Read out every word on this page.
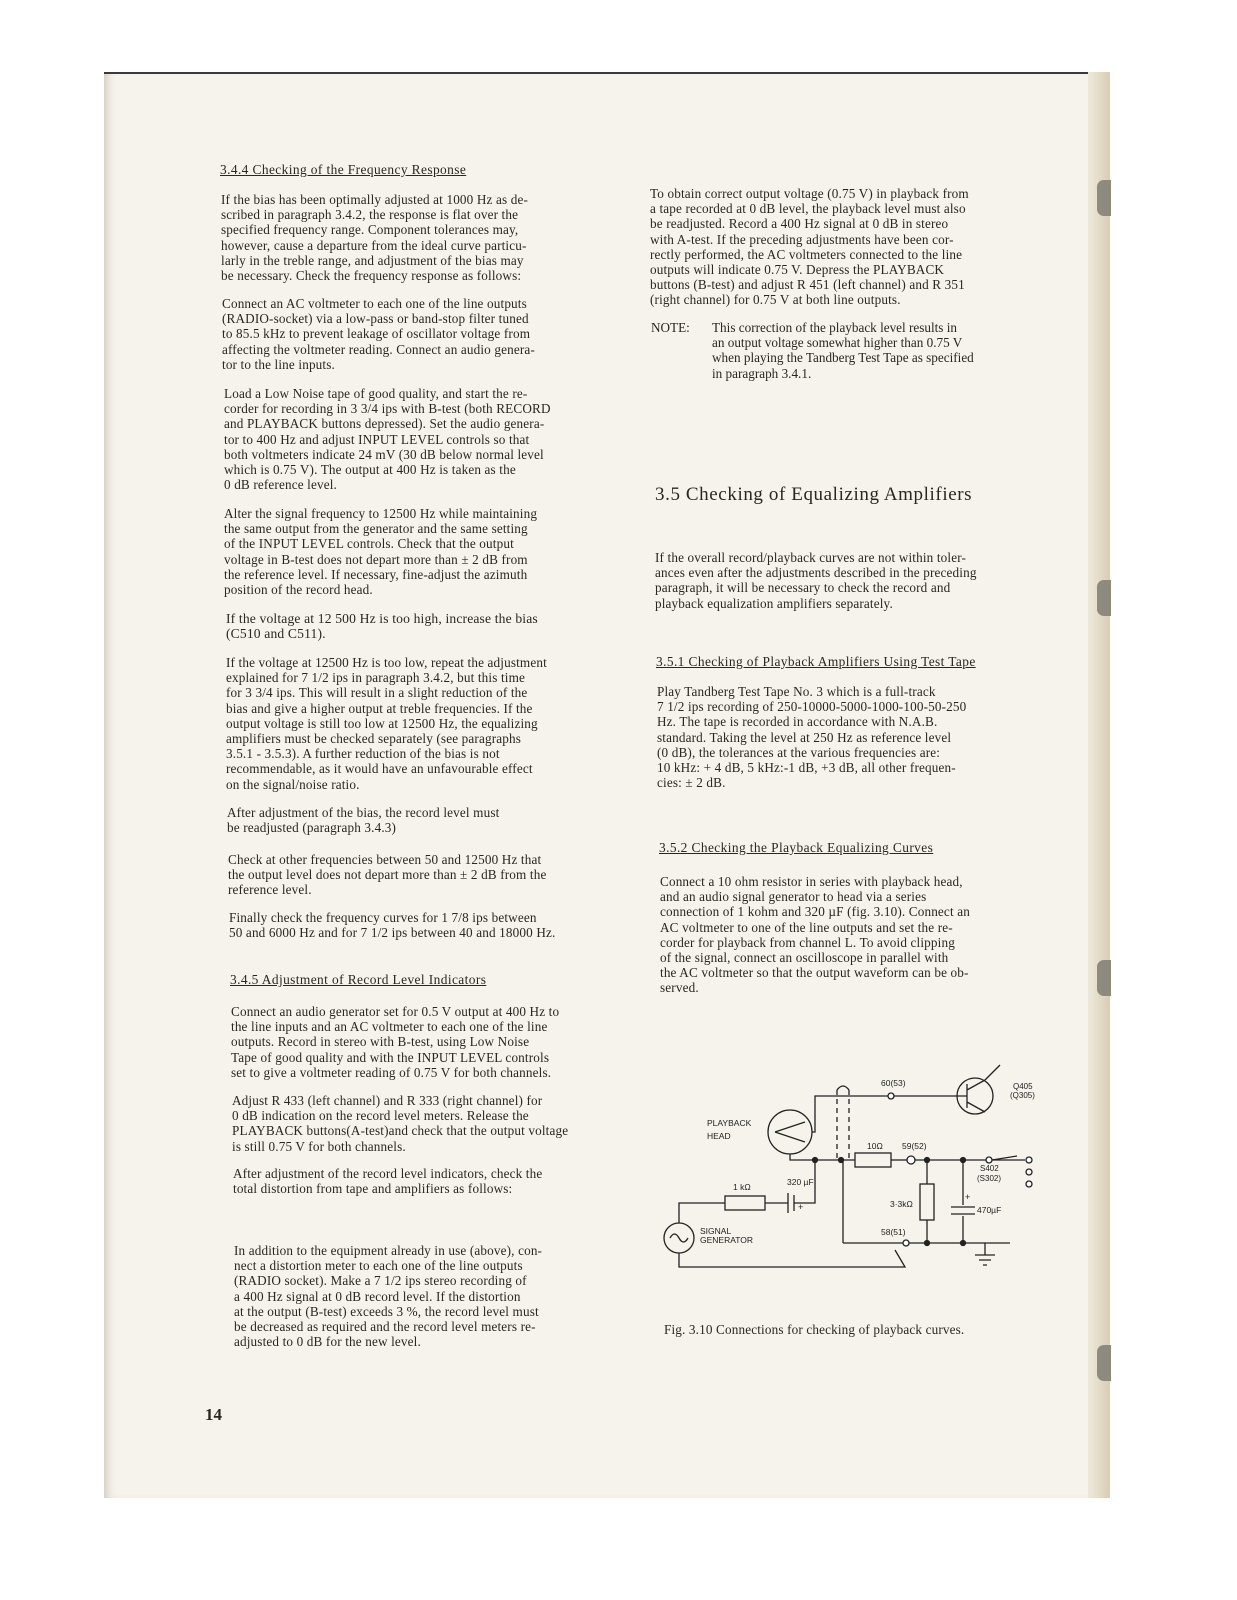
3.4.4 Checking of the Frequency Response

If the bias has been optimally adjusted at 1000 Hz as de-
scribed in paragraph 3.4.2, the response is flat over the
specified frequency range. Component tolerances may,
however, cause a departure from the ideal curve particu-
larly in the treble range, and adjustment of the bias may
be necessary. Check the frequency response as follows:

Connect an AC voltmeter to each one of the line outputs
(RADIO-socket) via a low-pass or band-stop filter tuned
to 85.5 kHz to prevent leakage of oscillator voltage from
affecting the voltmeter reading. Connect an audio genera-
tor to the line inputs.

Load a Low Noise tape of good quality, and start the re-
corder for recording in 3 3/4 ips with B-test (both RECORD
and PLAYBACK buttons depressed). Set the audio genera-
tor to 400 Hz and adjust INPUT LEVEL controls so that
both voltmeters indicate 24 mV (30 dB below normal level
which is 0.75 V). The output at 400 Hz is taken as the
0 dB reference level.

Alter the signal frequency to 12500 Hz while maintaining
the same output from the generator and the same setting
of the INPUT LEVEL controls. Check that the output
voltage in B-test does not depart more than ± 2 dB from
the reference level. If necessary, fine-adjust the azimuth
position of the record head.

If the voltage at 12 500 Hz is too high, increase the bias
(C510 and C511).

If the voltage at 12500 Hz is too low, repeat the adjustment
explained for 7 1/2 ips in paragraph 3.4.2, but this time
for 3 3/4 ips. This will result in a slight reduction of the
bias and give a higher output at treble frequencies. If the
output voltage is still too low at 12500 Hz, the equalizing
amplifiers must be checked separately (see paragraphs
3.5.1 - 3.5.3). A further reduction of the bias is not
recommendable, as it would have an unfavourable effect
on the signal/noise ratio.

After adjustment of the bias, the record level must
be readjusted (paragraph 3.4.3)

Check at other frequencies between 50 and 12500 Hz that
the output level does not depart more than ± 2 dB from the
reference level.

Finally check the frequency curves for 1 7/8 ips between
50 and 6000 Hz and for 7 1/2 ips between 40 and 18000 Hz.

3.4.5 Adjustment of Record Level Indicators

Connect an audio generator set for 0.5 V output at 400 Hz to
the line inputs and an AC voltmeter to each one of the line
outputs. Record in stereo with B-test, using Low Noise
Tape of good quality and with the INPUT LEVEL controls
set to give a voltmeter reading of 0.75 V for both channels.

Adjust R 433 (left channel) and R 333 (right channel) for
0 dB indication on the record level meters. Release the
PLAYBACK buttons(A-test)and check that the output voltage
is still 0.75 V for both channels.

After adjustment of the record level indicators, check the
total distortion from tape and amplifiers as follows:

In addition to the equipment already in use (above), con-
nect a distortion meter to each one of the line outputs
(RADIO socket). Make a 7 1/2 ips stereo recording of
a 400 Hz signal at 0 dB record level. If the distortion
at the output (B-test) exceeds 3 %, the record level must
be decreased as required and the record level meters re-
adjusted to 0 dB for the new level.

14

To obtain correct output voltage (0.75 V) in playback from
a tape recorded at 0 dB level, the playback level must also
be readjusted. Record a 400 Hz signal at 0 dB in stereo
with A-test. If the preceding adjustments have been cor-
rectly performed, the AC voltmeters connected to the line
outputs will indicate 0.75 V. Depress the PLAYBACK
buttons (B-test) and adjust R 451 (left channel) and R 351
(right channel) for 0.75 V at both line outputs.

NOTE: This correction of the playback level results in
an output voltage somewhat higher than 0.75 V
when playing the Tandberg Test Tape as specified
in paragraph 3.4.1.
3.5 Checking of Equalizing Amplifiers

If the overall record/playback curves are not within toler-
ances even after the adjustments described in the preceding
paragraph, it will be necessary to check the record and
playback equalization amplifiers separately.

3.5.1 Checking of Playback Amplifiers Using Test Tape

Play Tandberg Test Tape No. 3 which is a full-track
7 1/2 ips recording of 250-10000-5000-1000-100-50-250
Hz. The tape is recorded in accordance with N.A.B.
standard. Taking the level at 250 Hz as reference level
(0 dB), the tolerances at the various frequencies are:
10 kHz: + 4 dB, 5 kHz:-1 dB, +3 dB, all other frequen-
cies: ± 2 dB.

3.5.2 Checking the Playback Equalizing Curves

Connect a 10 ohm resistor in series with playback head,
and an audio signal generator to head via a series
connection of 1 kohm and 320 µF (fig. 3.10). Connect an
AC voltmeter to one of the line outputs and set the re-
corder for playback from channel L. To avoid clipping
of the signal, connect an oscilloscope in parallel with
the AC voltmeter so that the output waveform can be ob-
served.

PLAYBACK
HEAD
60(53)	Q405
(Q305)
10Ω 59(52)
S402
(S302)
1 kΩ	320 µF
+	3·3kΩ
+
470µF
SIGNAL
GENERATOR
58(51)

Fig. 3.10 Connections for checking of playback curves.
